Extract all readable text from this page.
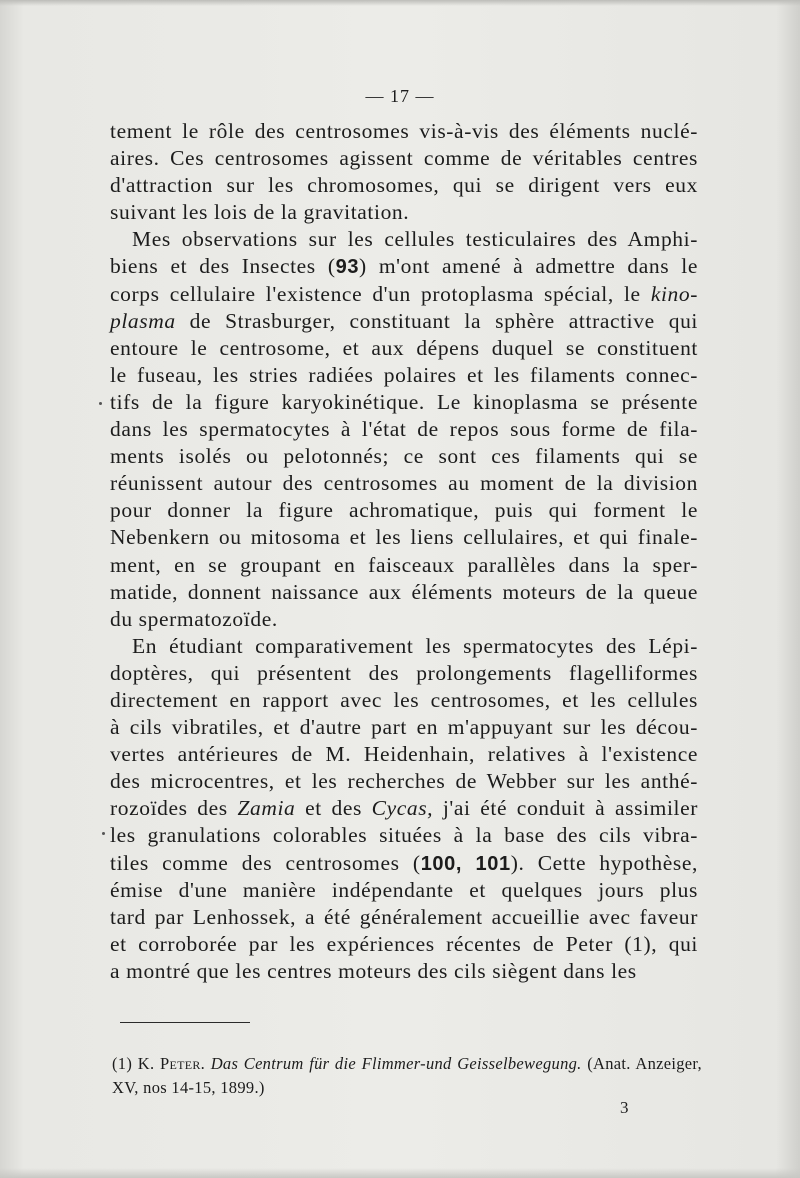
— 17 —
tement le rôle des centrosomes vis-à-vis des éléments nuclé-
aires. Ces centrosomes agissent comme de véritables centres
d'attraction sur les chromosomes, qui se dirigent vers eux
suivant les lois de la gravitation.
Mes observations sur les cellules testiculaires des Amphi-
biens et des Insectes (93) m'ont amené à admettre dans le
corps cellulaire l'existence d'un protoplasma spécial, le kino-
plasma de Strasburger, constituant la sphère attractive qui
entoure le centrosome, et aux dépens duquel se constituent
le fuseau, les stries radiées polaires et les filaments connec-
tifs de la figure karyokinétique. Le kinoplasma se présente
dans les spermatocytes à l'état de repos sous forme de fila-
ments isolés ou pelotonnés; ce sont ces filaments qui se
réunissent autour des centrosomes au moment de la division
pour donner la figure achromatique, puis qui forment le
Nebenkern ou mitosoma et les liens cellulaires, et qui finale-
ment, en se groupant en faisceaux parallèles dans la sper-
matide, donnent naissance aux éléments moteurs de la queue
du spermatozoïde.
En étudiant comparativement les spermatocytes des Lépi-
doptères, qui présentent des prolongements flagelliformes
directement en rapport avec les centrosomes, et les cellules
à cils vibratiles, et d'autre part en m'appuyant sur les décou-
vertes antérieures de M. Heidenhain, relatives à l'existence
des microcentres, et les recherches de Webber sur les anthé-
rozoïdes des Zamia et des Cycas, j'ai été conduit à assimiler
les granulations colorables situées à la base des cils vibra-
tiles comme des centrosomes (100, 101). Cette hypothèse,
émise d'une manière indépendante et quelques jours plus
tard par Lenhossek, a été généralement accueillie avec faveur
et corroborée par les expériences récentes de Peter (1), qui
a montré que les centres moteurs des cils siègent dans les
(1) K. Peter. Das Centrum für die Flimmer-und Geisselbewegung. (Anat. Anzeiger,
XV, nos 14-15, 1899.)
3
